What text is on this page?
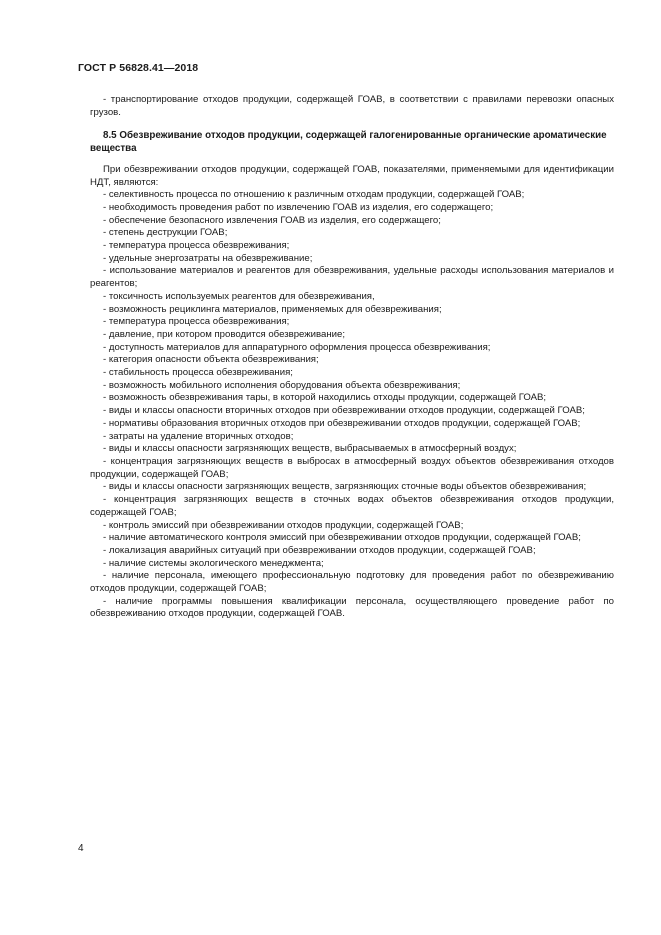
ГОСТ Р 56828.41—2018

- транспортирование отходов продукции, содержащей ГОАВ, в соответствии с правилами перевозки опасных грузов.

8.5 Обезвреживание отходов продукции, содержащей галогенированные органические ароматические вещества

При обезвреживании отходов продукции, содержащей ГОАВ, показателями, применяемыми для идентификации НДТ, являются:

- селективность процесса по отношению к различным отходам продукции, содержащей ГОАВ;

- необходимость проведения работ по извлечению ГОАВ из изделия, его содержащего;

- обеспечение безопасного извлечения ГОАВ из изделия, его содержащего;

- степень деструкции ГОАВ;

- температура процесса обезвреживания;

- удельные энергозатраты на обезвреживание;

- использование материалов и реагентов для обезвреживания, удельные расходы использования материалов и реагентов;

- токсичность используемых реагентов для обезвреживания,

- возможность рециклинга материалов, применяемых для обезвреживания;

- температура процесса обезвреживания;

- давление, при котором проводится обезвреживание;

- доступность материалов для аппаратурного оформления процесса обезвреживания;

- категория опасности объекта обезвреживания;

- стабильность процесса обезвреживания;

- возможность мобильного исполнения оборудования объекта обезвреживания;

- возможность обезвреживания тары, в которой находились отходы продукции, содержащей ГОАВ;

- виды и классы опасности вторичных отходов при обезвреживании отходов продукции, содержащей ГОАВ;

- нормативы образования вторичных отходов при обезвреживании отходов продукции, содержащей ГОАВ;

- затраты на удаление вторичных отходов;

- виды и классы опасности загрязняющих веществ, выбрасываемых в атмосферный воздух;

- концентрация загрязняющих веществ в выбросах в атмосферный воздух объектов обезвреживания отходов продукции, содержащей ГОАВ;

- виды и классы опасности загрязняющих веществ, загрязняющих сточные воды объектов обезвреживания;

- концентрация загрязняющих веществ в сточных водах объектов обезвреживания отходов продукции, содержащей ГОАВ;

- контроль эмиссий при обезвреживании отходов продукции, содержащей ГОАВ;

- наличие автоматического контроля эмиссий при обезвреживании отходов продукции, содержащей ГОАВ;

- локализация аварийных ситуаций при обезвреживании отходов продукции, содержащей ГОАВ;

- наличие системы экологического менеджмента;

- наличие персонала, имеющего профессиональную подготовку для проведения работ по обезвреживанию отходов продукции, содержащей ГОАВ;

- наличие программы повышения квалификации персонала, осуществляющего проведение работ по обезвреживанию отходов продукции, содержащей ГОАВ.

4
